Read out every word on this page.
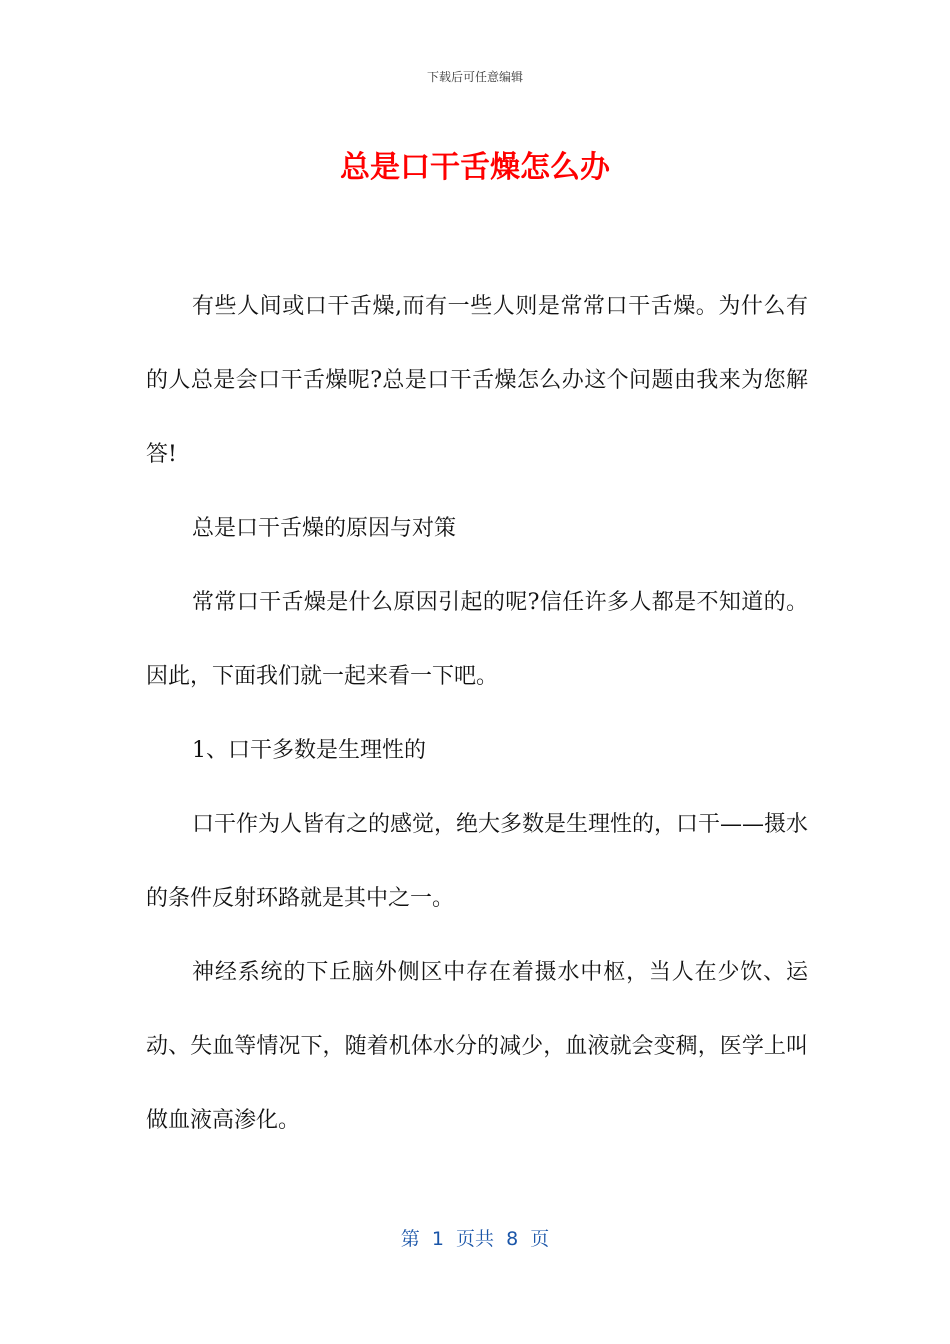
下载后可任意编辑
总是口干舌燥怎么办

有些人间或口干舌燥,而有一些人则是常常口干舌燥。为什么有的人总是会口干舌燥呢?总是口干舌燥怎么办这个问题由我来为您解答!

总是口干舌燥的原因与对策

常常口干舌燥是什么原因引起的呢?信任许多人都是不知道的。因此，下面我们就一起来看一下吧。

1、口干多数是生理性的

口干作为人皆有之的感觉，绝大多数是生理性的，口干——摄水的条件反射环路就是其中之一。

神经系统的下丘脑外侧区中存在着摄水中枢，当人在少饮、运动、失血等情况下，随着机体水分的减少，血液就会变稠，医学上叫做血液高渗化。

第  1  页共  8  页
